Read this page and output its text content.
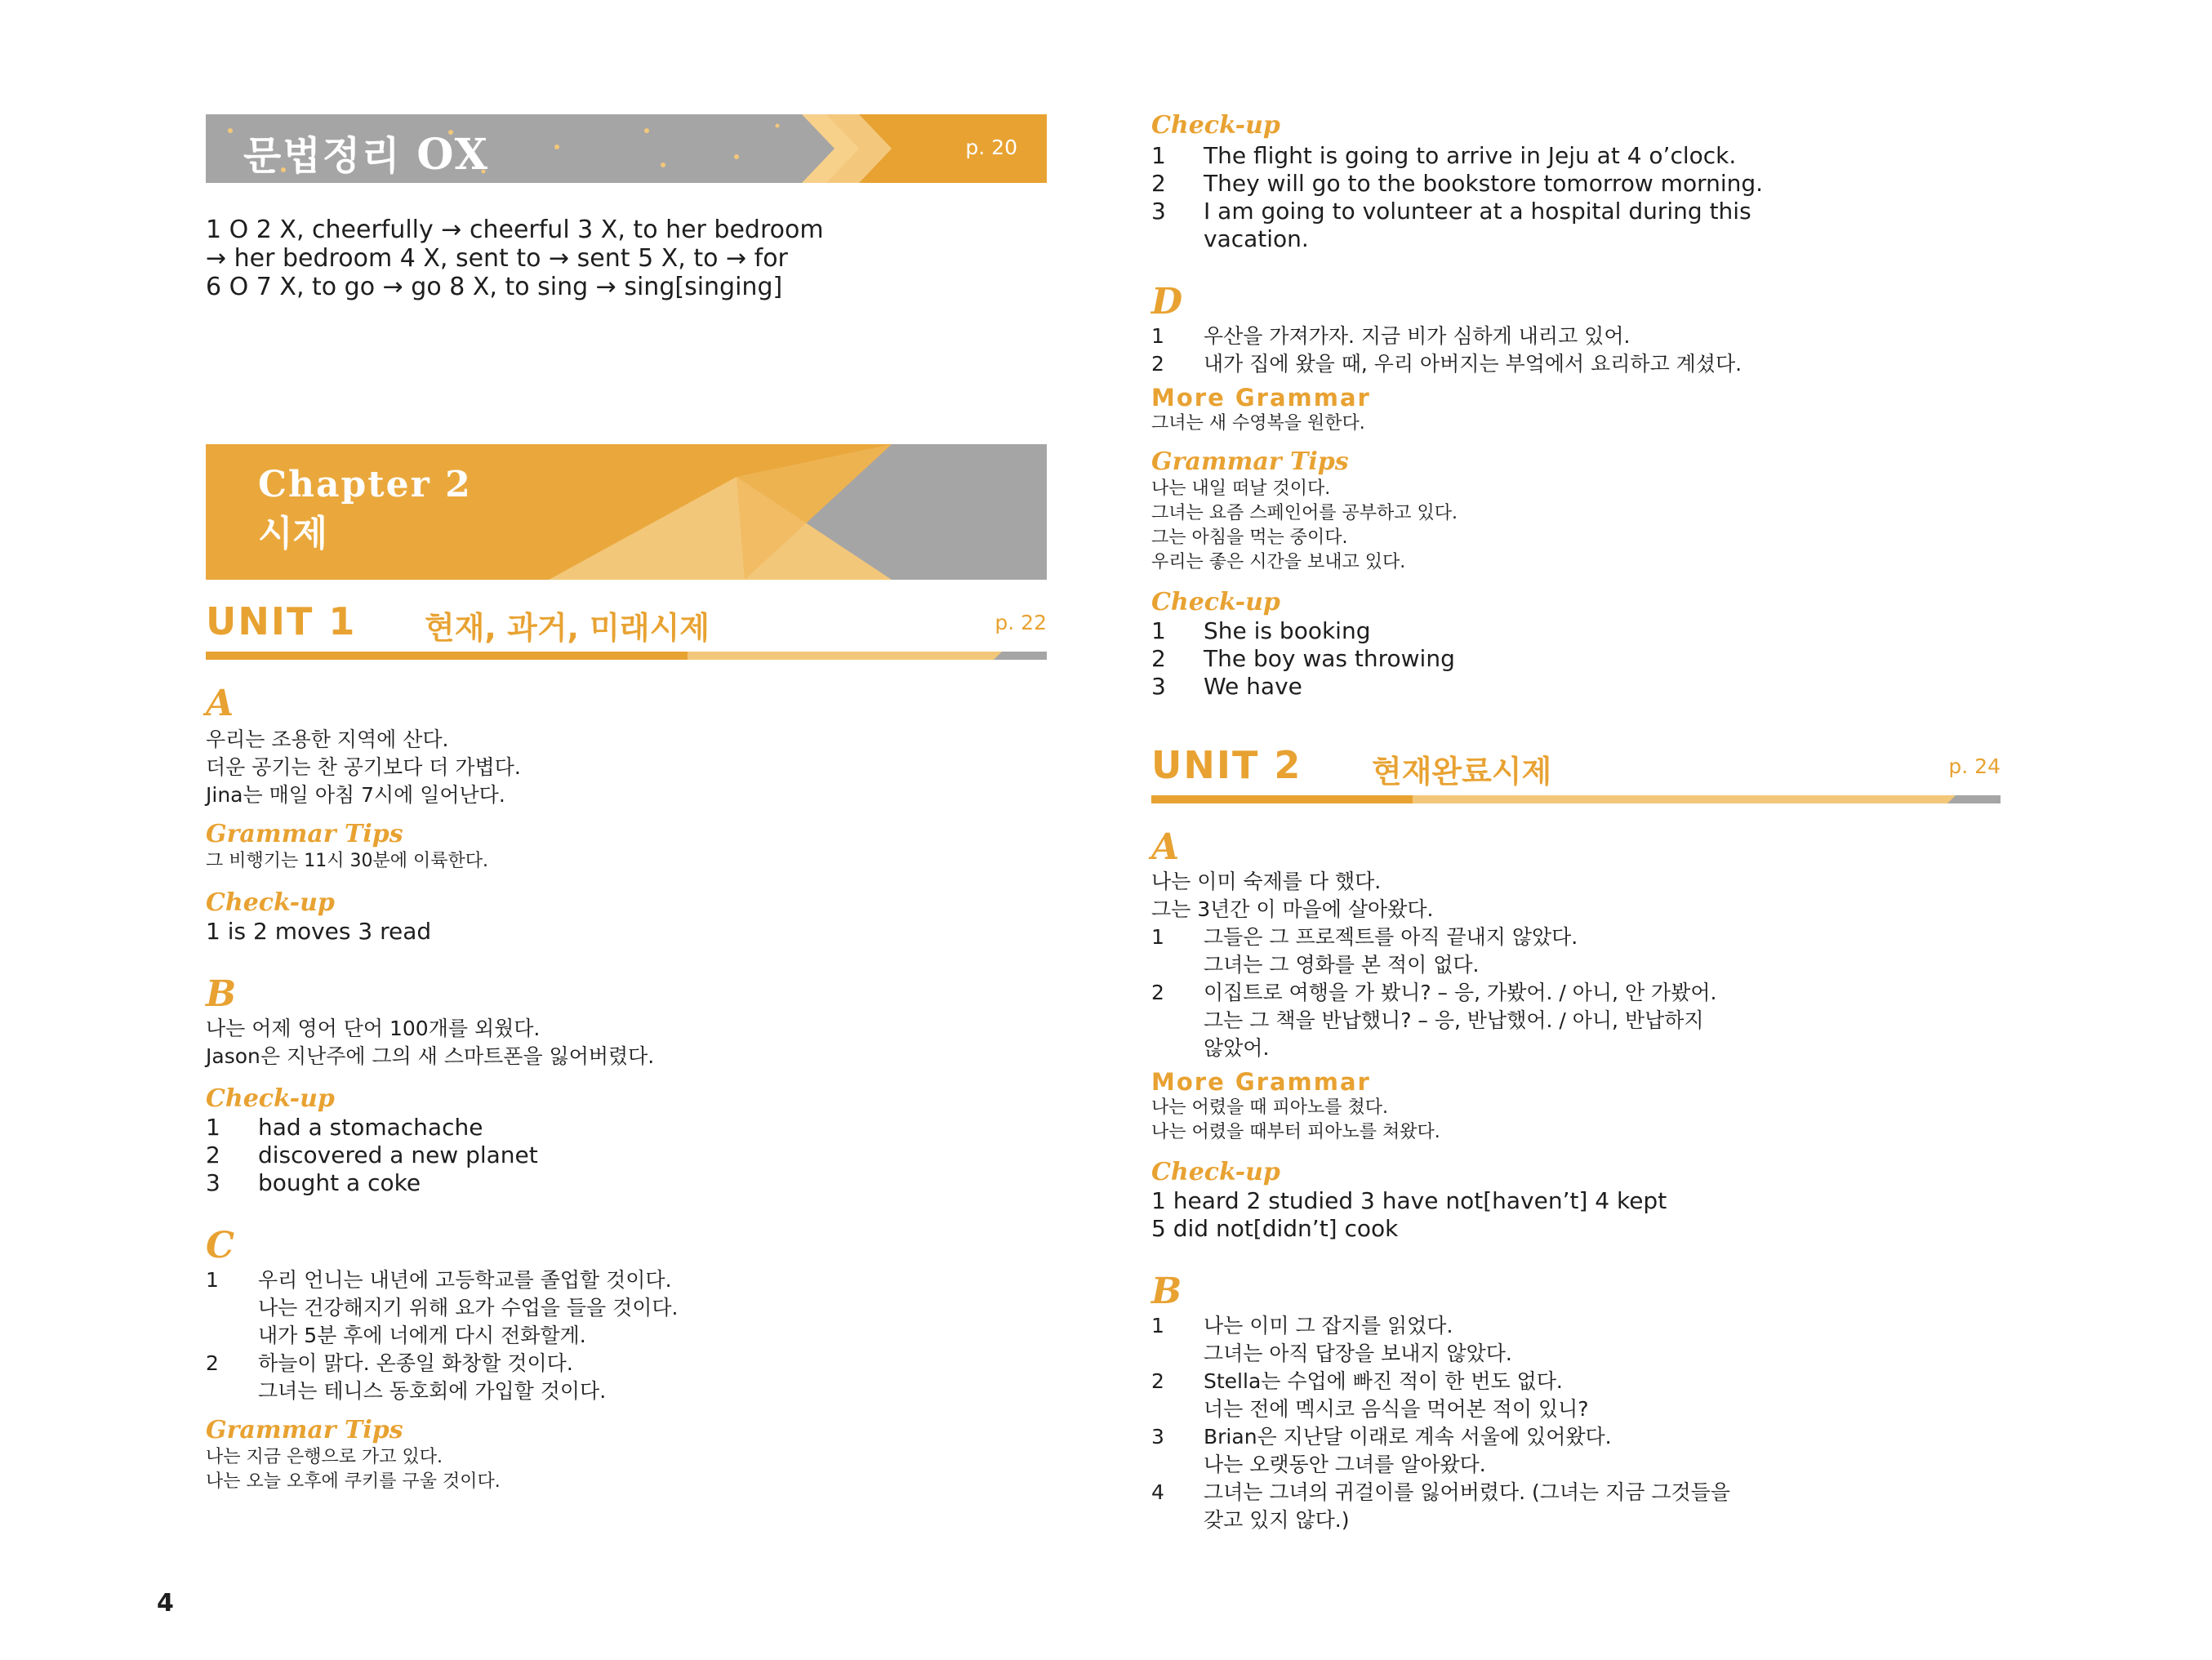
문법정리 OX	p. 20
1 O 2 X, cheerfully → cheerful 3 X, to her bedroom
→ her bedroom 4 X, sent to → sent 5 X, to → for
6 O 7 X, to go → go 8 X, to sing → sing[singing]
Chapter 2
시제
UNIT 1 현재, 과거, 미래시제	p. 22
A
우리는 조용한 지역에 산다.
더운 공기는 찬 공기보다 더 가볍다.
Jina는 매일 아침 7시에 일어난다.
Grammar Tips
그 비행기는 11시 30분에 이륙한다.
Check-up
1 is 2 moves 3 read
B
나는 어제 영어 단어 100개를 외웠다.
Jason은 지난주에 그의 새 스마트폰을 잃어버렸다.
Check-up
1 had a stomachache
2 discovered a new planet
3 bought a coke
C
1 우리 언니는 내년에 고등학교를 졸업할 것이다.
나는 건강해지기 위해 요가 수업을 들을 것이다.
내가 5분 후에 너에게 다시 전화할게.
2 하늘이 맑다. 온종일 화창할 것이다.
그녀는 테니스 동호회에 가입할 것이다.
Grammar Tips
나는 지금 은행으로 가고 있다.
나는 오늘 오후에 쿠키를 구울 것이다.
Check-up
1 The flight is going to arrive in Jeju at 4 o’clock.
2 They will go to the bookstore tomorrow morning.
3 I am going to volunteer at a hospital during this
vacation.
D
1 우산을 가져가자. 지금 비가 심하게 내리고 있어.
2 내가 집에 왔을 때, 우리 아버지는 부엌에서 요리하고 계셨다.
More Grammar
그녀는 새 수영복을 원한다.
Grammar Tips
나는 내일 떠날 것이다.
그녀는 요즘 스페인어를 공부하고 있다.
그는 아침을 먹는 중이다.
우리는 좋은 시간을 보내고 있다.
Check-up
1 She is booking
2 The boy was throwing
3 We have
UNIT 2 현재완료시제	p. 24
A
나는 이미 숙제를 다 했다.
그는 3년간 이 마을에 살아왔다.
1 그들은 그 프로젝트를 아직 끝내지 않았다.
그녀는 그 영화를 본 적이 없다.
2 이집트로 여행을 가 봤니? – 응, 가봤어. / 아니, 안 가봤어.
그는 그 책을 반납했니? – 응, 반납했어. / 아니, 반납하지
않았어.
More Grammar
나는 어렸을 때 피아노를 쳤다.
나는 어렸을 때부터 피아노를 쳐왔다.
Check-up
1 heard 2 studied 3 have not[haven’t] 4 kept
5 did not[didn’t] cook
B
1 나는 이미 그 잡지를 읽었다.
그녀는 아직 답장을 보내지 않았다.
2 Stella는 수업에 빠진 적이 한 번도 없다.
너는 전에 멕시코 음식을 먹어본 적이 있니?
3 Brian은 지난달 이래로 계속 서울에 있어왔다.
나는 오랫동안 그녀를 알아왔다.
4 그녀는 그녀의 귀걸이를 잃어버렸다. (그녀는 지금 그것들을
갖고 있지 않다.)
4
